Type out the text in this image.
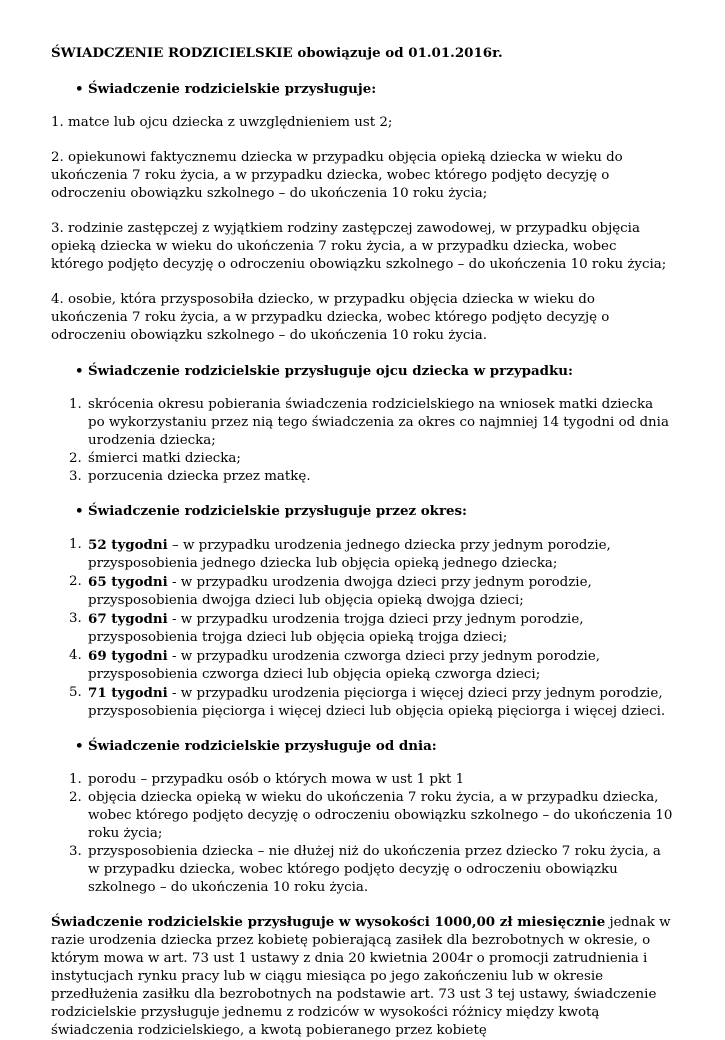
ŚWIADCZENIE RODZICIELSKIE obowiązuje od 01.01.2016r.

• Świadczenie rodzicielskie przysługuje:

1. matce lub ojcu dziecka z uwzględnieniem ust 2;

2. opiekunowi faktycznemu dziecka w przypadku objęcia opieką dziecka w wieku do ukończenia 7 roku życia, a w przypadku dziecka, wobec którego podjęto decyzję o odroczeniu obowiązku szkolnego – do ukończenia 10 roku życia;

3. rodzinie zastępczej z wyjątkiem rodziny zastępczej zawodowej, w przypadku objęcia opieką dziecka w wieku do ukończenia 7 roku życia, a w przypadku dziecka, wobec którego podjęto decyzję o odroczeniu obowiązku szkolnego – do ukończenia 10 roku życia;

4. osobie, która przysposobiła dziecko, w przypadku objęcia dziecka w wieku do ukończenia 7 roku życia, a w przypadku dziecka, wobec którego podjęto decyzję o odroczeniu obowiązku szkolnego – do ukończenia 10 roku życia.

• Świadczenie rodzicielskie przysługuje ojcu dziecka w przypadku:

1. skrócenia okresu pobierania świadczenia rodzicielskiego na wniosek matki dziecka po wykorzystaniu przez nią tego świadczenia za okres co najmniej 14 tygodni od dnia urodzenia dziecka;
2. śmierci matki dziecka;
3. porzucenia dziecka przez matkę.

• Świadczenie rodzicielskie przysługuje przez okres:

1. 52 tygodni – w przypadku urodzenia jednego dziecka przy jednym porodzie, przysposobienia jednego dziecka lub objęcia opieką jednego dziecka;
2. 65 tygodni - w przypadku urodzenia dwojga dzieci przy jednym porodzie, przysposobienia dwojga dzieci lub objęcia opieką dwojga dzieci;
3. 67 tygodni - w przypadku urodzenia trojga dzieci przy jednym porodzie, przysposobienia trojga dzieci lub objęcia opieką trojga dzieci;
4. 69 tygodni - w przypadku urodzenia czworga dzieci przy jednym porodzie, przysposobienia czworga dzieci lub objęcia opieką czworga dzieci;
5. 71 tygodni - w przypadku urodzenia pięciorga i więcej dzieci przy jednym porodzie, przysposobienia pięciorga i więcej dzieci lub objęcia opieką pięciorga i więcej dzieci.

• Świadczenie rodzicielskie przysługuje od dnia:

1. porodu – przypadku osób o których mowa w ust 1 pkt 1
2. objęcia dziecka opieką w wieku do ukończenia 7 roku życia, a w przypadku dziecka, wobec którego podjęto decyzję o odroczeniu obowiązku szkolnego – do ukończenia 10 roku życia;
3. przysposobienia dziecka – nie dłużej niż do ukończenia przez dziecko 7 roku życia, a w przypadku dziecka, wobec którego podjęto decyzję o odroczeniu obowiązku szkolnego – do ukończenia 10 roku życia.

Świadczenie rodzicielskie przysługuje w wysokości 1000,00 zł miesięcznie jednak w razie urodzenia dziecka przez kobietę pobierającą zasiłek dla bezrobotnych w okresie, o którym mowa w art. 73 ust 1 ustawy z dnia 20 kwietnia 2004r o promocji zatrudnienia i instytucjach rynku pracy lub w ciągu miesiąca po jego zakończeniu lub w okresie przedłużenia zasiłku dla bezrobotnych na podstawie art. 73 ust 3 tej ustawy, świadczenie rodzicielskie przysługuje jednemu z rodziców w wysokości różnicy między kwotą świadczenia rodzicielskiego, a kwotą pobieranego przez kobietę
